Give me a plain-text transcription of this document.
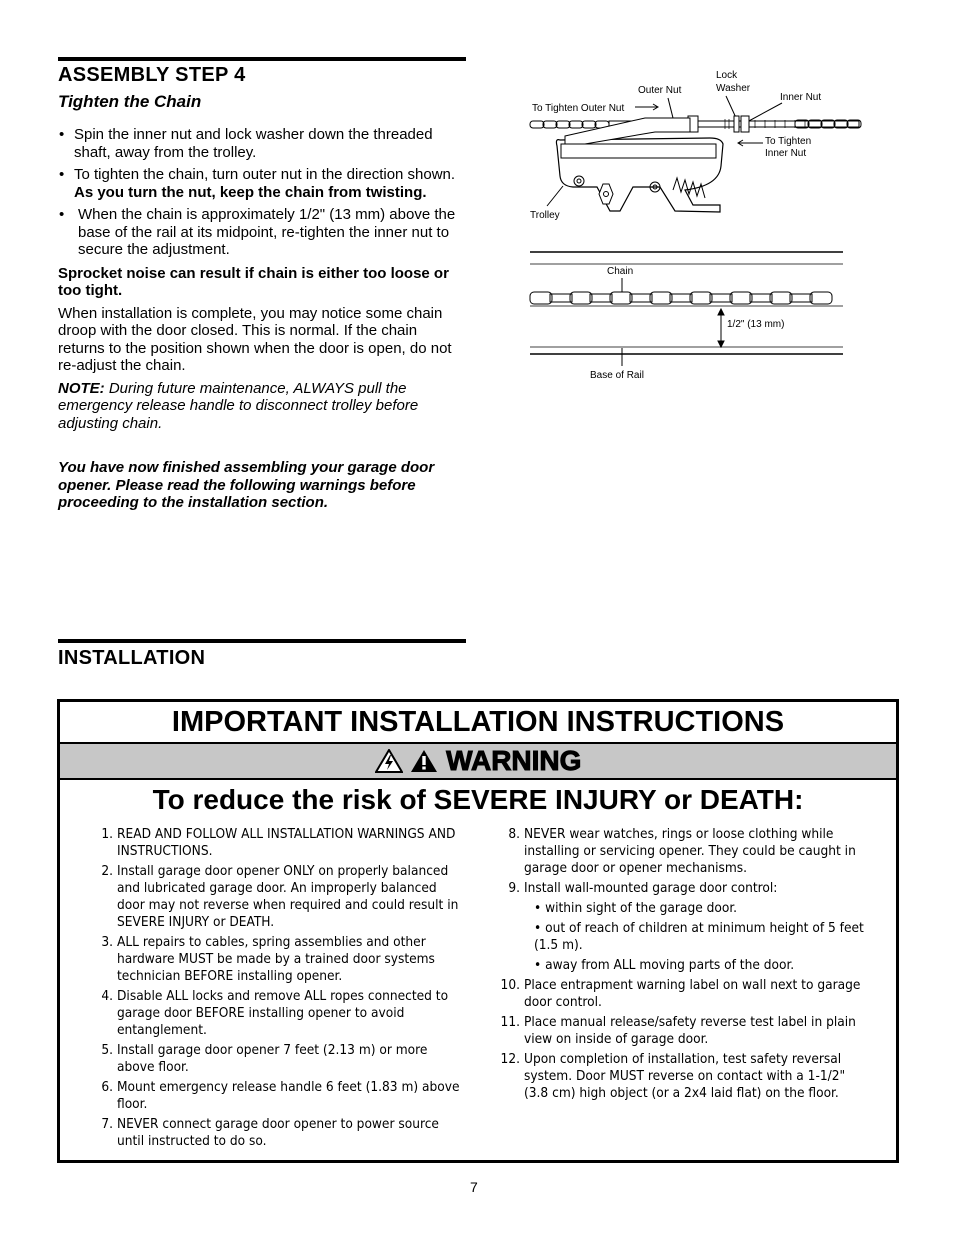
ASSEMBLY STEP 4
Tighten the Chain
• Spin the inner nut and lock washer down the threaded shaft, away from the trolley.
• To tighten the chain, turn outer nut in the direction shown. As you turn the nut, keep the chain from twisting.
• When the chain is approximately 1/2" (13 mm) above the base of the rail at its midpoint, re-tighten the inner nut to secure the adjustment.

Sprocket noise can result if chain is either too loose or too tight.

When installation is complete, you may notice some chain droop with the door closed. This is normal. If the chain returns to the position shown when the door is open, do not re-adjust the chain.

NOTE: During future maintenance, ALWAYS pull the emergency release handle to disconnect trolley before adjusting chain.

You have now finished assembling your garage door opener. Please read the following warnings before proceeding to the installation section.

Outer Nut
Lock
Washer
Inner Nut
To Tighten Outer Nut
To Tighten
Inner Nut
Trolley
Chain
1/2" (13 mm)
Base of Rail
INSTALLATION
IMPORTANT INSTALLATION INSTRUCTIONS
WARNING
To reduce the risk of SEVERE INJURY or DEATH:
1. READ AND FOLLOW ALL INSTALLATION WARNINGS AND INSTRUCTIONS.
2. Install garage door opener ONLY on properly balanced and lubricated garage door. An improperly balanced door may not reverse when required and could result in SEVERE INJURY or DEATH.
3. ALL repairs to cables, spring assemblies and other hardware MUST be made by a trained door systems technician BEFORE installing opener.
4. Disable ALL locks and remove ALL ropes connected to garage door BEFORE installing opener to avoid entanglement.
5. Install garage door opener 7 feet (2.13 m) or more above floor.
6. Mount emergency release handle 6 feet (1.83 m) above floor.
7. NEVER connect garage door opener to power source until instructed to do so.
8. NEVER wear watches, rings or loose clothing while installing or servicing opener. They could be caught in garage door or opener mechanisms.
9. Install wall-mounted garage door control:
• within sight of the garage door.
• out of reach of children at minimum height of 5 feet (1.5 m).
• away from ALL moving parts of the door.
10. Place entrapment warning label on wall next to garage door control.
11. Place manual release/safety reverse test label in plain view on inside of garage door.
12. Upon completion of installation, test safety reversal system. Door MUST reverse on contact with a 1-1/2" (3.8 cm) high object (or a 2x4 laid flat) on the floor.
7
